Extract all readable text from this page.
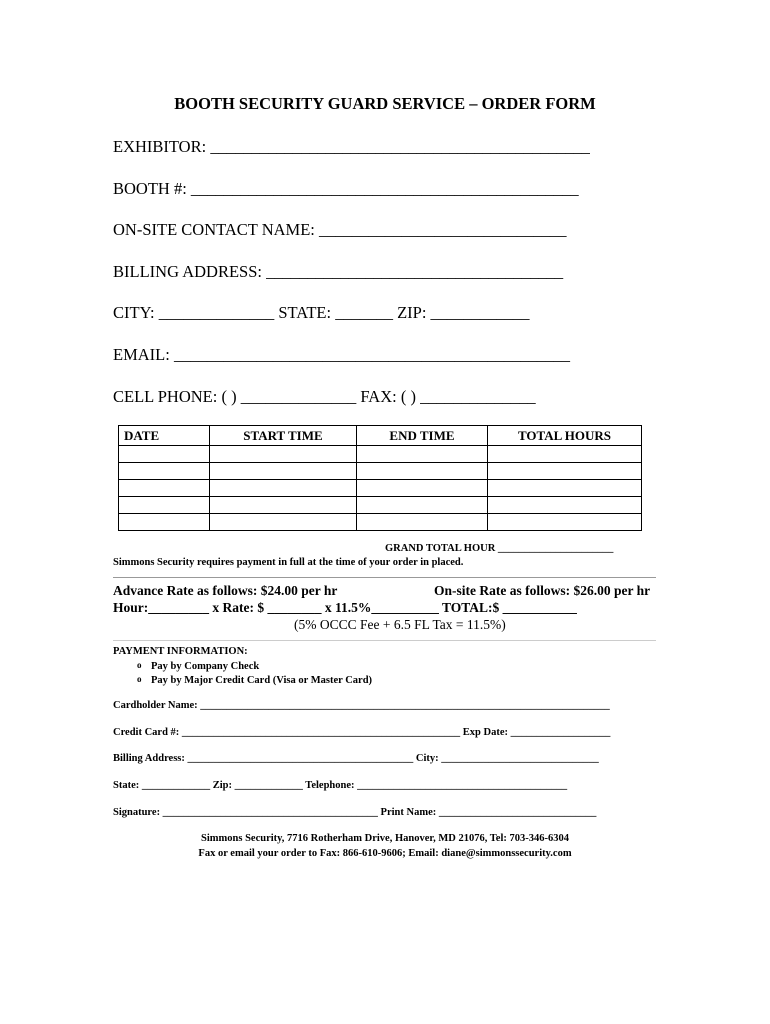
BOOTH SECURITY GUARD SERVICE – ORDER FORM
EXHIBITOR: ______________________________________________
BOOTH #: _______________________________________________
ON-SITE CONTACT NAME: ______________________________
BILLING ADDRESS: ____________________________________
CITY: ______________ STATE: _______ ZIP: ____________
EMAIL: ________________________________________________
CELL PHONE: ( ) ______________ FAX: ( ) ______________
DATE	START TIME	END TIME	TOTAL HOURS

GRAND TOTAL HOUR ______________________
Simmons Security requires payment in full at the time of your order in placed.
Advance Rate as follows: $24.00 per hr	On-site Rate as follows: $26.00 per hr
Hour:_________ x Rate: $ ________ x 11.5%__________ TOTAL:$ ___________
(5% OCCC Fee + 6.5 FL Tax = 11.5%)
PAYMENT INFORMATION:
o Pay by Company Check
o Pay by Major Credit Card (Visa or Master Card)
Cardholder Name: ______________________________________________________________________________
Credit Card #: _____________________________________________________ Exp Date: ___________________
Billing Address: ___________________________________________ City: ______________________________
State: _____________ Zip: _____________ Telephone: ________________________________________
Signature: _________________________________________ Print Name: ______________________________
Simmons Security, 7716 Rotherham Drive, Hanover, MD 21076, Tel: 703-346-6304
Fax or email your order to Fax: 866-610-9606; Email: diane@simmonssecurity.com
